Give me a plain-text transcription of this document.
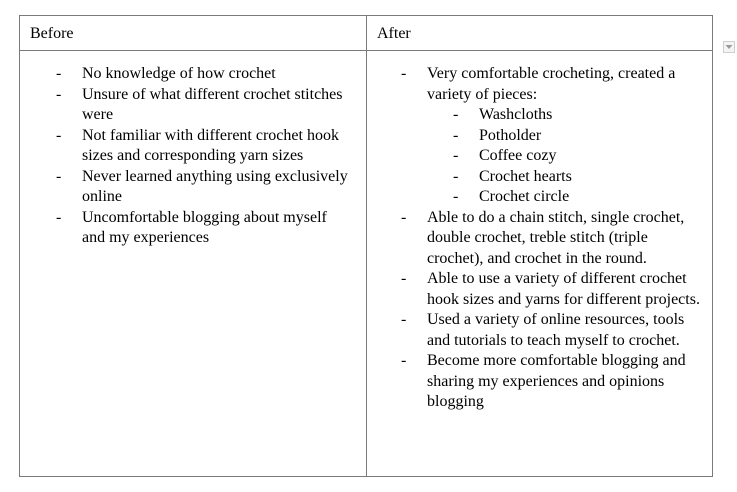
Before	After

- No knowledge of how crochet
- Unsure of what different crochet stitches were
- Not familiar with different crochet hook sizes and corresponding yarn sizes
- Never learned anything using exclusively online
- Uncomfortable blogging about myself and my experiences
- Very comfortable crocheting, created a variety of pieces:
- Washcloths
- Potholder
- Coffee cozy
- Crochet hearts
- Crochet circle
- Able to do a chain stitch, single crochet, double crochet, treble stitch (triple crochet), and crochet in the round.
- Able to use a variety of different crochet hook sizes and yarns for different projects.
- Used a variety of online resources, tools and tutorials to teach myself to crochet.
- Become more comfortable blogging and sharing my experiences and opinions blogging
